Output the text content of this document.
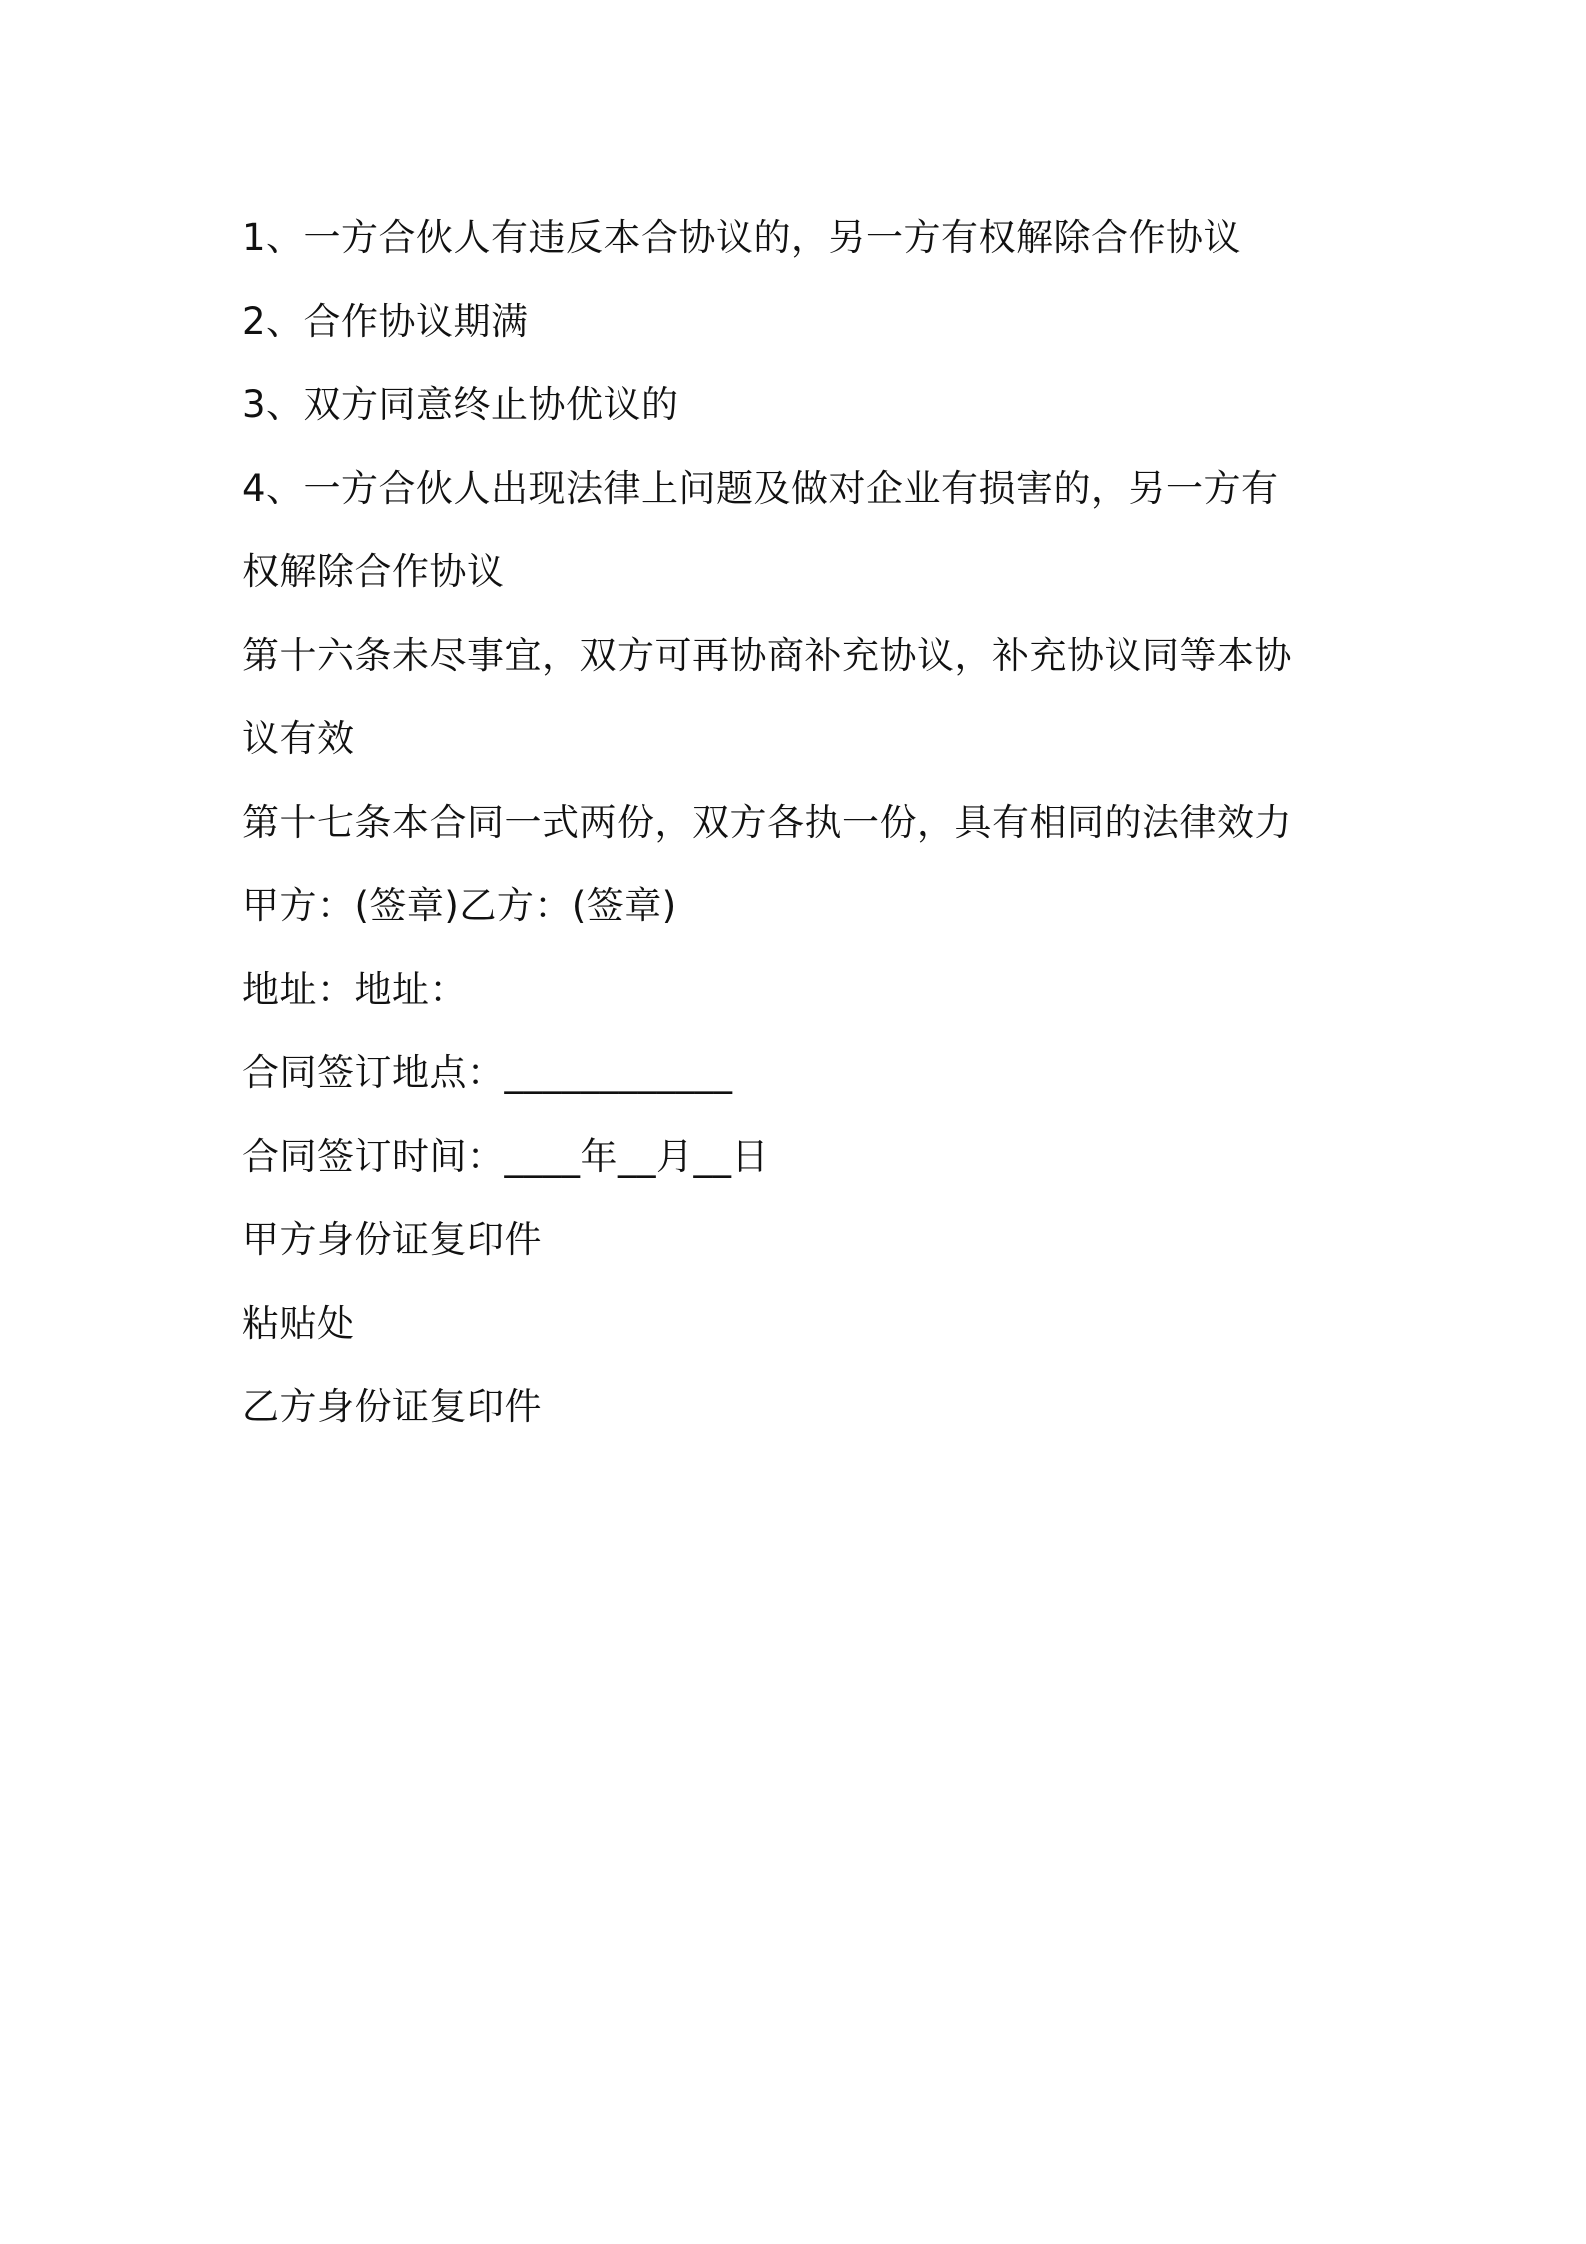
1、一方合伙人有违反本合协议的，另一方有权解除合作协议
2、合作协议期满
3、双方同意终止协优议的
4、一方合伙人出现法律上问题及做对企业有损害的，另一方有
权解除合作协议
第十六条未尽事宜，双方可再协商补充协议，补充协议同等本协
议有效
第十七条本合同一式两份，双方各执一份，具有相同的法律效力
甲方：(签章)乙方：(签章)
地址：地址：
合同签订地点：____________
合同签订时间：____年__月__日
甲方身份证复印件
粘贴处
乙方身份证复印件
